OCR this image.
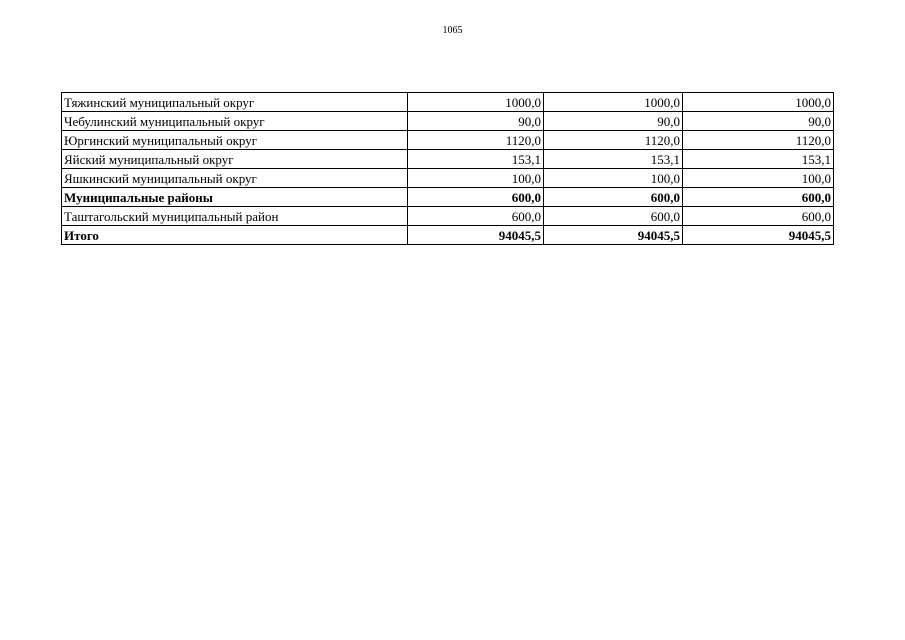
1065
Тяжинский муниципальный округ	1000,0	1000,0	1000,0
Чебулинский муниципальный округ	90,0	90,0	90,0
Юргинский муниципальный округ	1120,0	1120,0	1120,0
Яйский муниципальный округ	153,1	153,1	153,1
Яшкинский муниципальный округ	100,0	100,0	100,0
Муниципальные районы	600,0	600,0	600,0
Таштагольский муниципальный район	600,0	600,0	600,0
Итого	94045,5	94045,5	94045,5
